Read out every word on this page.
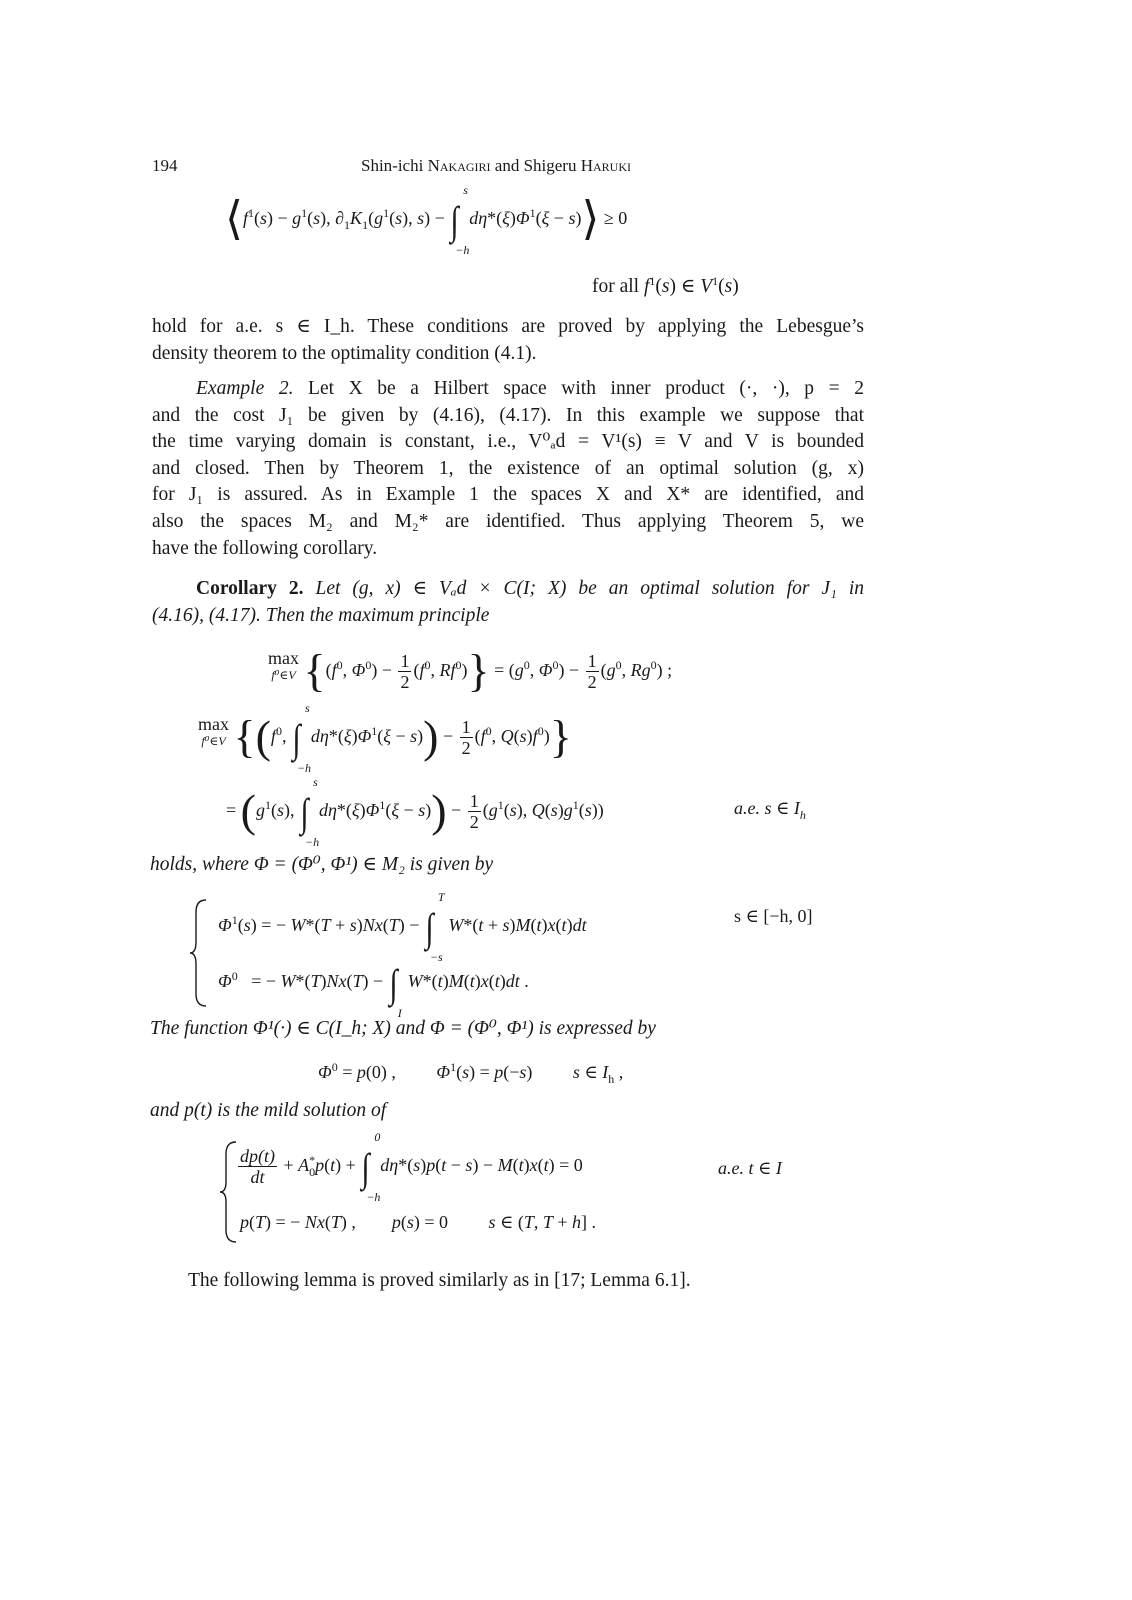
194	Shin-ichi Nakagiri and Shigeru Haruki
$⟨f^1(s) - g^1(s)$, $\partial_1K_1(g^1(s)$, s) − ∫
s
−h
$d\eta*(\xi)\Phi^1(\xi$ − s)⟩ ≥ 0
for all $f^1(s)$ ∈ $V^1(s)$
hold for a.e. s ∈ I_h. These conditions are proved by applying the Lebesgue’s
density theorem to the optimality condition (4.1).
Example 2. Let X be a Hilbert space with inner product (·, ·), p = 2
and the cost J₁ be given by (4.16), (4.17). In this example we suppose that
the time varying domain is constant, i.e., V⁰ₐd = V¹(s) ≡ V and V is bounded
and closed. Then by Theorem 1, the existence of an optimal solution (g, x)
for J₁ is assured. As in Example 1 the spaces X and X* are identified, and
also the spaces M₂ and M₂* are identified. Thus applying Theorem 5, we
have the following corollary.
Corollary 2. Let (g, x) ∈ Vₐd × C(I; X) be an optimal solution for J₁ in
(4.16), (4.17). Then the maximum principle
max
f⁰∈V {($f^0$, $\Phi^0) - \frac{1}{2} (f^0$, $Rf^0)\} = (g^0$, $\Phi^0) - \frac{1}{2} (g^0$, Rg$^0$) ;
max
f⁰∈V {($f^0$, ∫
s
−h
$d\eta*(\xi)\Phi^1(\xi - s)) - \frac{1}{2} (f^0$, $Q(s)f^0$)}
= ($g^1(s)$, ∫
s
−h
$d\eta*(\xi)\Phi^1(\xi - s)) - \frac{1}{2} (g^1(s)$, $Q(s)g^1(s)$)	a.e. s ∈ $I_h$
holds, where Φ = (Φ⁰, Φ¹) ∈ M₂ is given by
$\Phi^1(s)$ = − W*(T + s)Nx(T) − ∫
T
−s
W*(t + s)M(t)x(t)dt	s ∈ [−h, 0]
$\Phi^0$   = − W*(T)Nx(T) − ∫
I
W*(t)M(t)x(t)dt .
The function Φ¹(·) ∈ C(I_h; X) and Φ = (Φ⁰, Φ¹) is expressed by
$\Phi^0 = p(0)$ ,         $\Phi^1(s) = p(-s)$         s ∈ $I_h$ ,
and p(t) is the mild solution of
$\frac{dp(t)}{dt} + A_0^*p(t)$ + ∫
0
−h
dη*(s)p(t − s) − M(t)x(t) = 0	a.e. t ∈ I
p(T) = − Nx(T) ,        p(s) = 0         s ∈ (T, T + h] .
The following lemma is proved similarly as in [17; Lemma 6.1].
